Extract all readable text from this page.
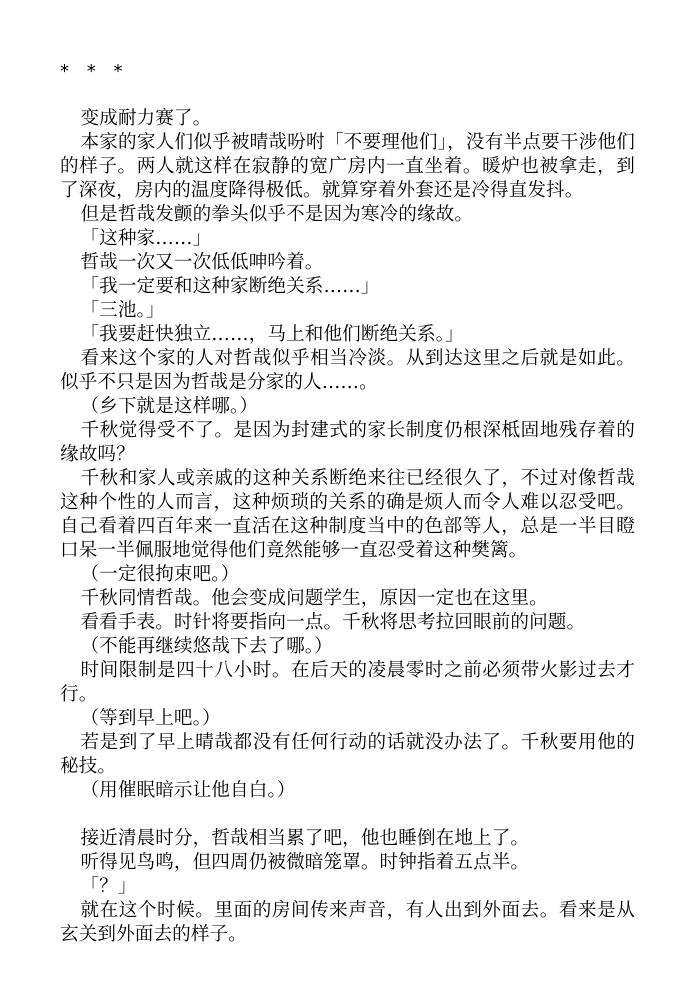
* * *

变成耐力赛了。

本家的家人们似乎被晴哉吩咐「不要理他们」，没有半点要干涉他们的样子。两人就这样在寂静的宽广房内一直坐着。暖炉也被拿走，到了深夜，房内的温度降得极低。就算穿着外套还是冷得直发抖。

但是哲哉发颤的拳头似乎不是因为寒冷的缘故。

「这种家……」

哲哉一次又一次低低呻吟着。

「我一定要和这种家断绝关系……」

「三池。」

「我要赶快独立……，马上和他们断绝关系。」

看来这个家的人对哲哉似乎相当冷淡。从到达这里之后就是如此。似乎不只是因为哲哉是分家的人……。

（乡下就是这样哪。）

千秋觉得受不了。是因为封建式的家长制度仍根深柢固地残存着的缘故吗？

千秋和家人或亲戚的这种关系断绝来往已经很久了，不过对像哲哉这种个性的人而言，这种烦琐的关系的确是烦人而令人难以忍受吧。自己看着四百年来一直活在这种制度当中的色部等人，总是一半目瞪口呆一半佩服地觉得他们竟然能够一直忍受着这种樊篱。

（一定很拘束吧。）

千秋同情哲哉。他会变成问题学生，原因一定也在这里。

看看手表。时针将要指向一点。千秋将思考拉回眼前的问题。

（不能再继续悠哉下去了哪。）

时间限制是四十八小时。在后天的凌晨零时之前必须带火影过去才行。

（等到早上吧。）

若是到了早上晴哉都没有任何行动的话就没办法了。千秋要用他的秘技。

（用催眠暗示让他自白。）

接近清晨时分，哲哉相当累了吧，他也睡倒在地上了。

听得见鸟鸣，但四周仍被微暗笼罩。时钟指着五点半。

「？」

就在这个时候。里面的房间传来声音，有人出到外面去。看来是从玄关到外面去的样子。
